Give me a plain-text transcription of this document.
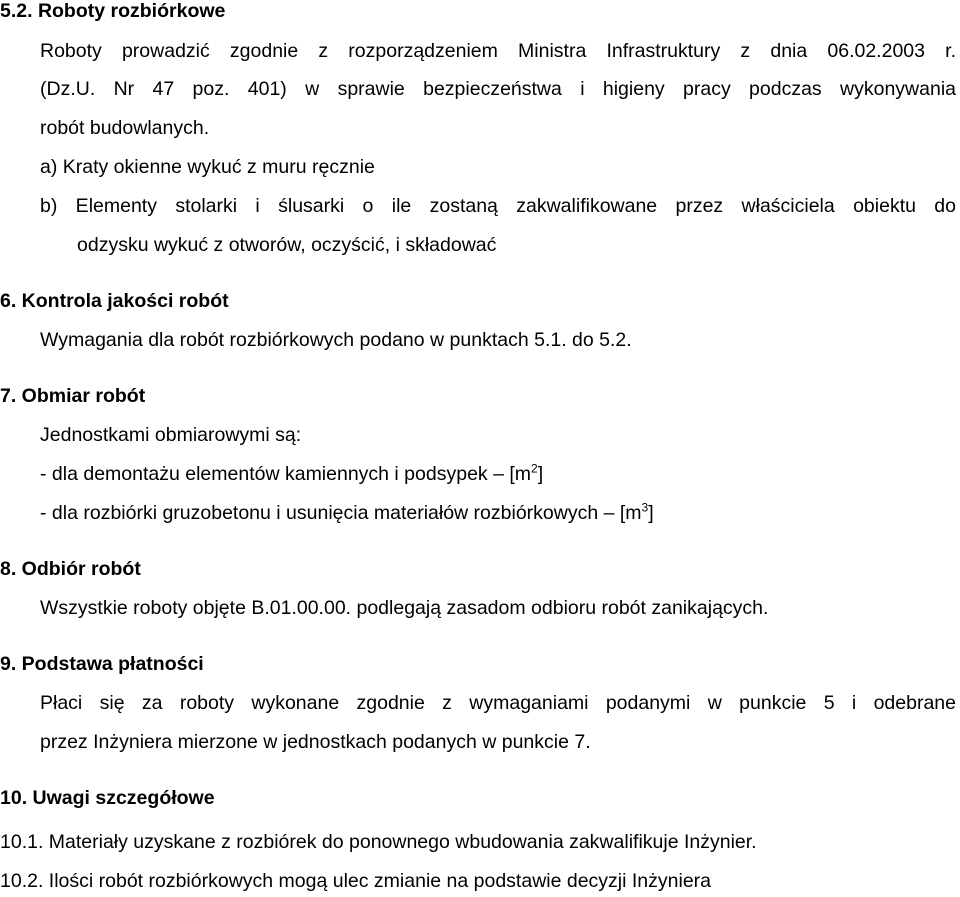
5.2. Roboty rozbiórkowe
Roboty prowadzić zgodnie z rozporządzeniem Ministra Infrastruktury z dnia 06.02.2003 r.
(Dz.U. Nr 47 poz. 401) w sprawie bezpieczeństwa i higieny pracy podczas wykonywania
robót budowlanych.
a) Kraty okienne wykuć z muru ręcznie
b) Elementy stolarki i ślusarki o ile zostaną zakwalifikowane przez właściciela obiektu do
odzysku wykuć z otworów, oczyścić, i składować
6. Kontrola jakości robót
Wymagania dla robót rozbiórkowych podano w punktach 5.1. do 5.2.
7. Obmiar robót
Jednostkami obmiarowymi są:
- dla demontażu elementów kamiennych i podsypek – $[m^2]$
- dla rozbiórki gruzobetonu i usunięcia materiałów rozbiórkowych – $[m^3]$
8. Odbiór robót
Wszystkie roboty objęte B.01.00.00. podlegają zasadom odbioru robót zanikających.
9. Podstawa płatności
Płaci się za roboty wykonane zgodnie z wymaganiami podanymi w punkcie 5 i odebrane
przez Inżyniera mierzone w jednostkach podanych w punkcie 7.
10. Uwagi szczegółowe
10.1. Materiały uzyskane z rozbiórek do ponownego wbudowania zakwalifikuje Inżynier.
10.2. Ilości robót rozbiórkowych mogą ulec zmianie na podstawie decyzji Inżyniera
